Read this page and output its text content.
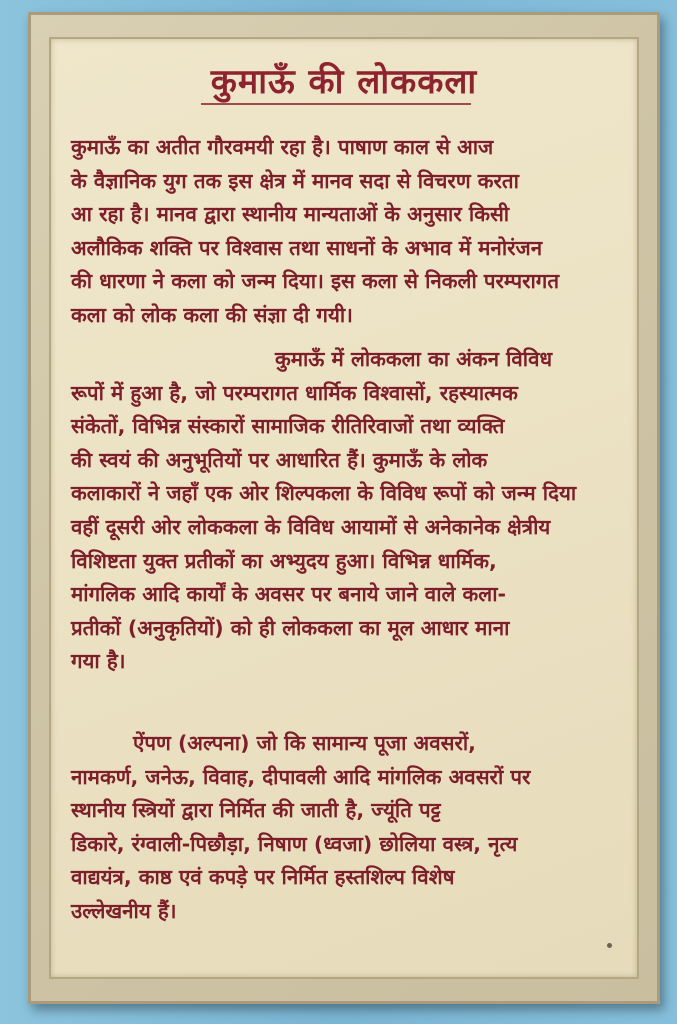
कुमाऊँ की लोककला
कुमाऊँ का अतीत गौरवमयी रहा है। पाषाण काल से आज
के वैज्ञानिक युग तक इस क्षेत्र में मानव सदा से विचरण करता
आ रहा है। मानव द्वारा स्थानीय मान्यताओं के अनुसार किसी
अलौकिक शक्ति पर विश्वास तथा साधनों के अभाव में मनोरंजन
की धारणा ने कला को जन्म दिया। इस कला से निकली परम्परागत
कला को लोक कला की संज्ञा दी गयी।
कुमाऊँ में लोककला का अंकन विविध
रूपों में हुआ है, जो परम्परागत धार्मिक विश्वासों, रहस्यात्मक
संकेतों, विभिन्न संस्कारों सामाजिक रीतिरिवाजों तथा व्यक्ति
की स्वयं की अनुभूतियों पर आधारित हैं। कुमाऊँ के लोक
कलाकारों ने जहाँ एक ओर शिल्पकला के विविध रूपों को जन्म दिया
वहीं दूसरी ओर लोककला के विविध आयामों से अनेकानेक क्षेत्रीय
विशिष्टता युक्त प्रतीकों का अभ्युदय हुआ। विभिन्न धार्मिक,
मांगलिक आदि कार्यों के अवसर पर बनाये जाने वाले कला-
प्रतीकों (अनुकृतियों) को ही लोककला का मूल आधार माना
गया है।
ऐंपण (अल्पना) जो कि सामान्य पूजा अवसरों,
नामकर्ण, जनेऊ, विवाह, दीपावली आदि मांगलिक अवसरों पर
स्थानीय स्त्रियों द्वारा निर्मित की जाती है, ज्यूंति पट्ट
डिकारे, रंग्वाली-पिछौड़ा, निषाण (ध्वजा) छोलिया वस्त्र, नृत्य
वाद्ययंत्र, काष्ठ एवं कपड़े पर निर्मित हस्तशिल्प विशेष
उल्लेखनीय हैं।
